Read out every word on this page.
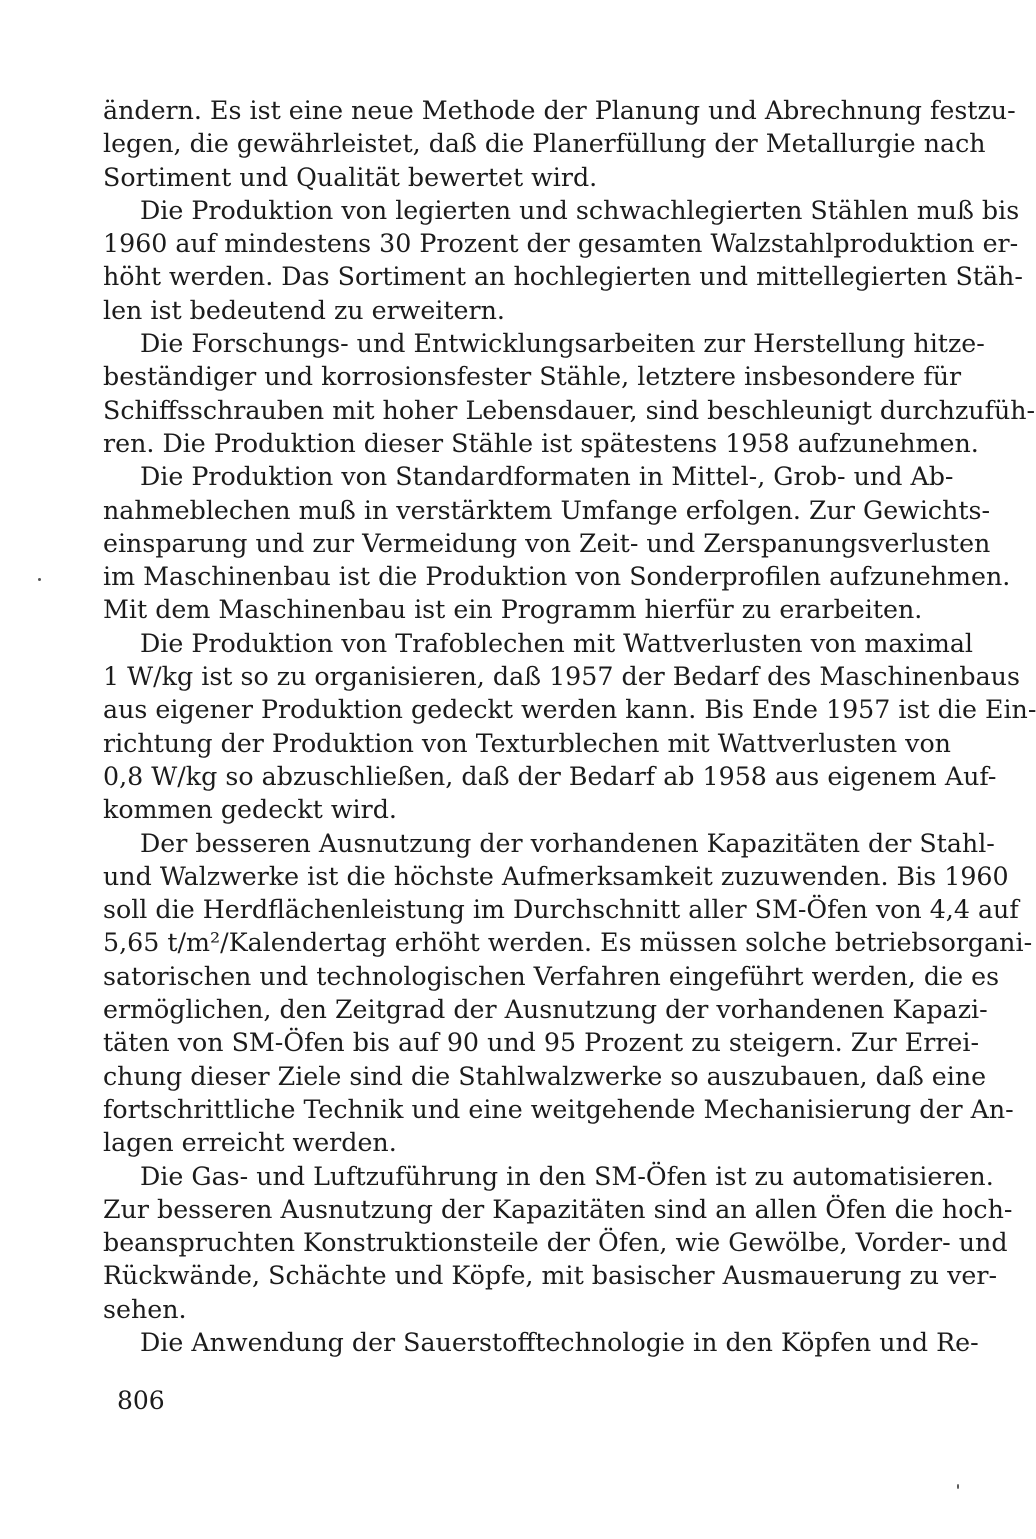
ändern. Es ist eine neue Methode der Planung und Abrechnung festzu-
legen, die gewährleistet, daß die Planerfüllung der Metallurgie nach
Sortiment und Qualität bewertet wird.
Die Produktion von legierten und schwachlegierten Stählen muß bis
1960 auf mindestens 30 Prozent der gesamten Walzstahlproduktion er-
höht werden. Das Sortiment an hochlegierten und mittellegierten Stäh-
len ist bedeutend zu erweitern.
Die Forschungs- und Entwicklungsarbeiten zur Herstellung hitze-
beständiger und korrosionsfester Stähle, letztere insbesondere für
Schiffsschrauben mit hoher Lebensdauer, sind beschleunigt durchzufüh-
ren. Die Produktion dieser Stähle ist spätestens 1958 aufzunehmen.
Die Produktion von Standardformaten in Mittel-, Grob- und Ab-
nahmeblechen muß in verstärktem Umfange erfolgen. Zur Gewichts-
einsparung und zur Vermeidung von Zeit- und Zerspanungsverlusten
im Maschinenbau ist die Produktion von Sonderprofilen aufzunehmen.
Mit dem Maschinenbau ist ein Programm hierfür zu erarbeiten.
Die Produktion von Trafoblechen mit Wattverlusten von maximal
1 W/kg ist so zu organisieren, daß 1957 der Bedarf des Maschinenbaus
aus eigener Produktion gedeckt werden kann. Bis Ende 1957 ist die Ein-
richtung der Produktion von Texturblechen mit Wattverlusten von
0,8 W/kg so abzuschließen, daß der Bedarf ab 1958 aus eigenem Auf-
kommen gedeckt wird.
Der besseren Ausnutzung der vorhandenen Kapazitäten der Stahl-
und Walzwerke ist die höchste Aufmerksamkeit zuzuwenden. Bis 1960
soll die Herdflächenleistung im Durchschnitt aller SM-Öfen von 4,4 auf
5,65 t/m²/Kalendertag erhöht werden. Es müssen solche betriebsorgani-
satorischen und technologischen Verfahren eingeführt werden, die es
ermöglichen, den Zeitgrad der Ausnutzung der vorhandenen Kapazi-
täten von SM-Öfen bis auf 90 und 95 Prozent zu steigern. Zur Errei-
chung dieser Ziele sind die Stahlwalzwerke so auszubauen, daß eine
fortschrittliche Technik und eine weitgehende Mechanisierung der An-
lagen erreicht werden.
Die Gas- und Luftzuführung in den SM-Öfen ist zu automatisieren.
Zur besseren Ausnutzung der Kapazitäten sind an allen Öfen die hoch-
beanspruchten Konstruktionsteile der Öfen, wie Gewölbe, Vorder- und
Rückwände, Schächte und Köpfe, mit basischer Ausmauerung zu ver-
sehen.
Die Anwendung der Sauerstofftechnologie in den Köpfen und Re-
806
